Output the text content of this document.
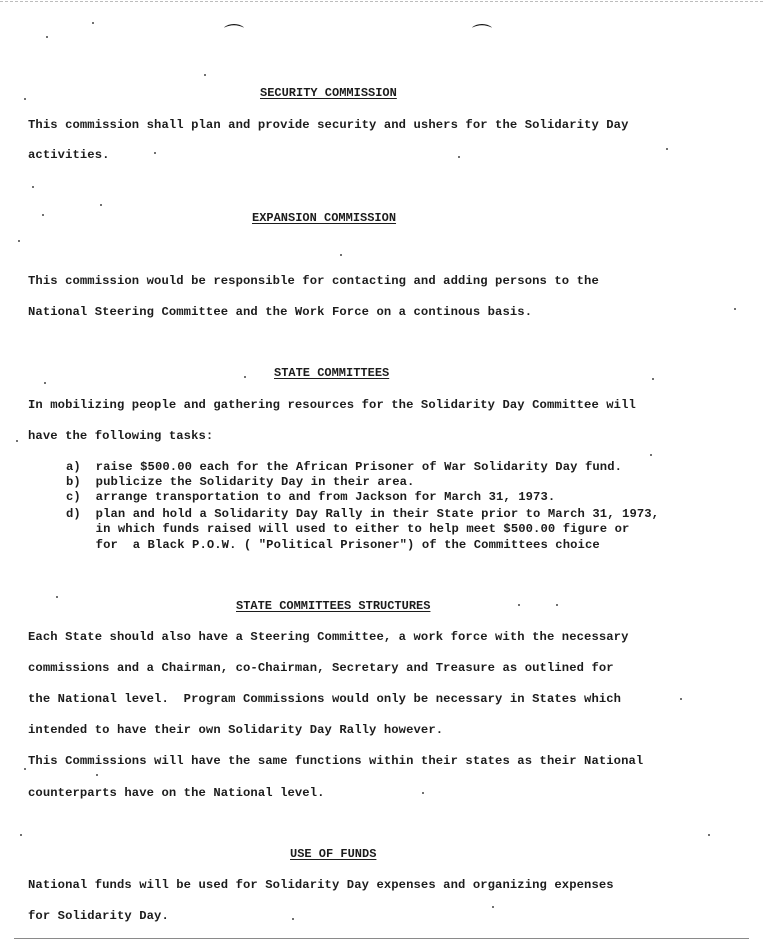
⌒	⌒
SECURITY COMMISSION
This commission shall plan and provide security and ushers for the Solidarity Day
activities.
EXPANSION COMMISSION
This commission would be responsible for contacting and adding persons to the
National Steering Committee and the Work Force on a continous basis.
STATE COMMITTEES
In mobilizing people and gathering resources for the Solidarity Day Committee will
have the following tasks:
a)  raise $500.00 each for the African Prisoner of War Solidarity Day fund.
b)  publicize the Solidarity Day in their area.
c)  arrange transportation to and from Jackson for March 31, 1973.
d)  plan and hold a Solidarity Day Rally in their State prior to March 31, 1973,
in which funds raised will used to either to help meet $500.00 figure or
for  a Black P.O.W. ( "Political Prisoner") of the Committees choice
STATE COMMITTEES STRUCTURES
Each State should also have a Steering Committee, a work force with the necessary
commissions and a Chairman, co-Chairman, Secretary and Treasure as outlined for
the National level.  Program Commissions would only be necessary in States which
intended to have their own Solidarity Day Rally however.
This Commissions will have the same functions within their states as their National
counterparts have on the National level.
USE OF FUNDS
National funds will be used for Solidarity Day expenses and organizing expenses
for Solidarity Day.
